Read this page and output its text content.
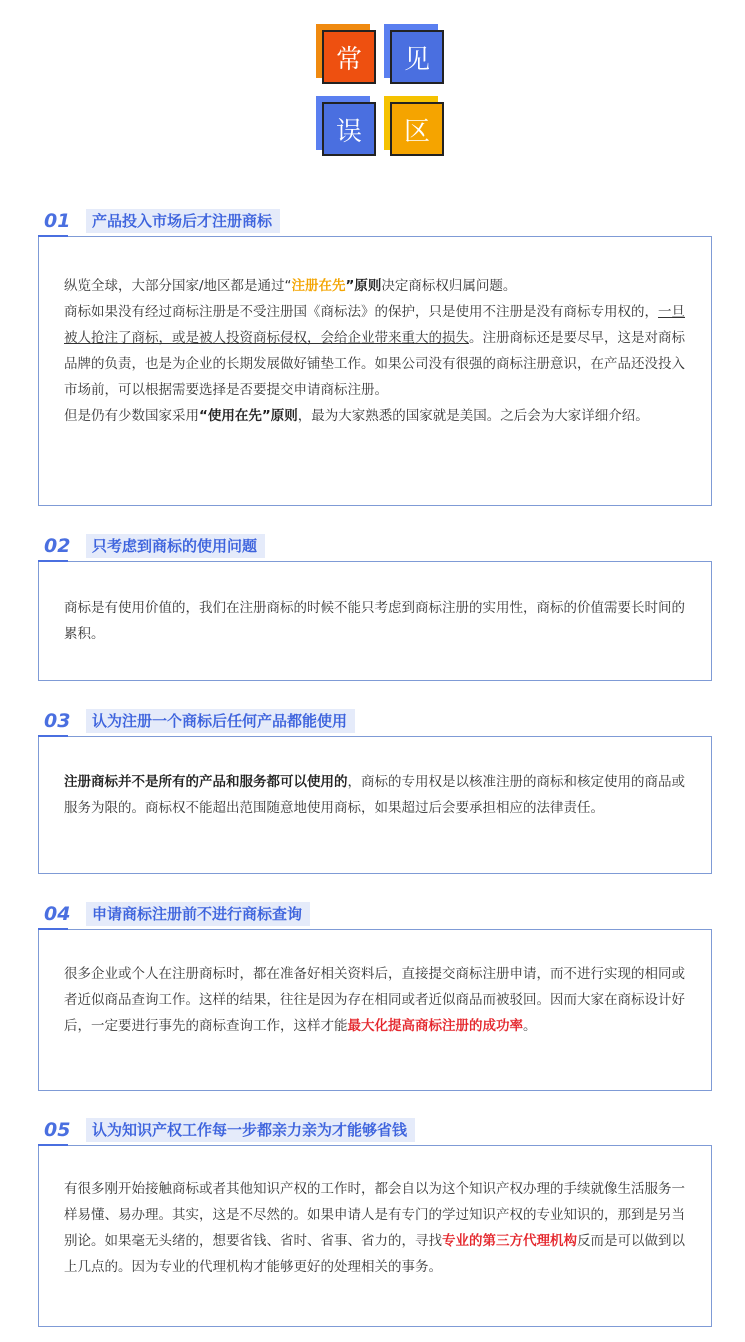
常	见
误	区
01	产品投入市场后才注册商标

纵览全球，大部分国家/地区都是通过“注册在先”原则决定商标权归属问题。

商标如果没有经过商标注册是不受注册国《商标法》的保护，只是使用不注册是没有商标专用权的，一旦被人抢注了商标，或是被人投资商标侵权，会给企业带来重大的损失。注册商标还是要尽早，这是对商标品牌的负责，也是为企业的长期发展做好铺垫工作。如果公司没有很强的商标注册意识，在产品还没投入市场前，可以根据需要选择是否要提交申请商标注册。

但是仍有少数国家采用“使用在先”原则，最为大家熟悉的国家就是美国。之后会为大家详细介绍。

02	只考虑到商标的使用问题

商标是有使用价值的，我们在注册商标的时候不能只考虑到商标注册的实用性，商标的价值需要长时间的累积。

03	认为注册一个商标后任何产品都能使用

注册商标并不是所有的产品和服务都可以使用的，商标的专用权是以核准注册的商标和核定使用的商品或服务为限的。商标权不能超出范围随意地使用商标，如果超过后会要承担相应的法律责任。

04	申请商标注册前不进行商标查询

很多企业或个人在注册商标时，都在准备好相关资料后，直接提交商标注册申请，而不进行实现的相同或者近似商品查询工作。这样的结果，往往是因为存在相同或者近似商品而被驳回。因而大家在商标设计好后，一定要进行事先的商标查询工作，这样才能最大化提高商标注册的成功率。

05	认为知识产权工作每一步都亲力亲为才能够省钱

有很多刚开始接触商标或者其他知识产权的工作时，都会自以为这个知识产权办理的手续就像生活服务一样易懂、易办理。其实，这是不尽然的。如果申请人是有专门的学过知识产权的专业知识的，那到是另当别论。如果毫无头绪的，想要省钱、省时、省事、省力的，寻找专业的第三方代理机构反而是可以做到以上几点的。因为专业的代理机构才能够更好的处理相关的事务。
